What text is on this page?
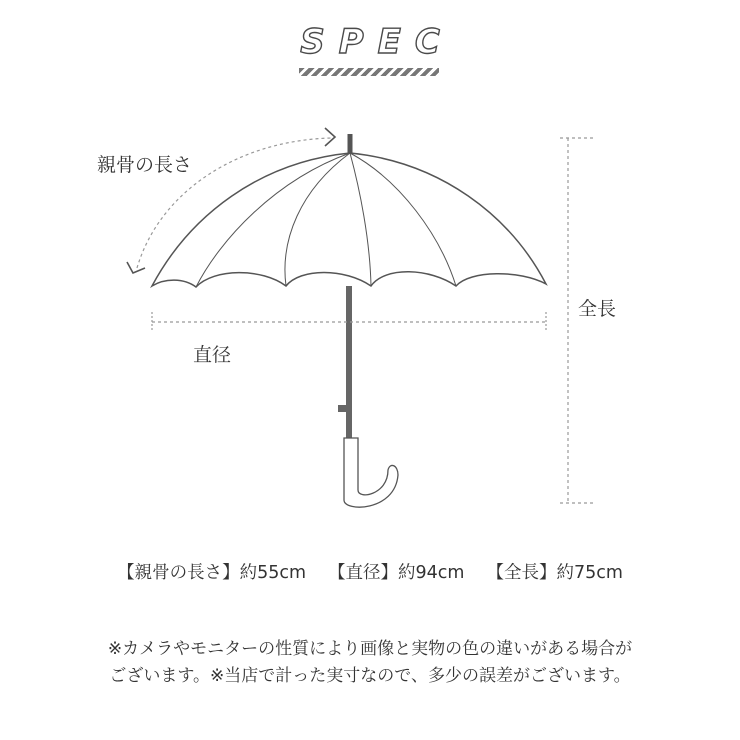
SPEC
親骨の長さ
直径
全長
【親骨の長さ】約55cm 【直径】約94cm 【全長】約75cm
※カメラやモニターの性質により画像と実物の色の違いがある場合が
ございます。※当店で計った実寸なので、多少の誤差がございます。
